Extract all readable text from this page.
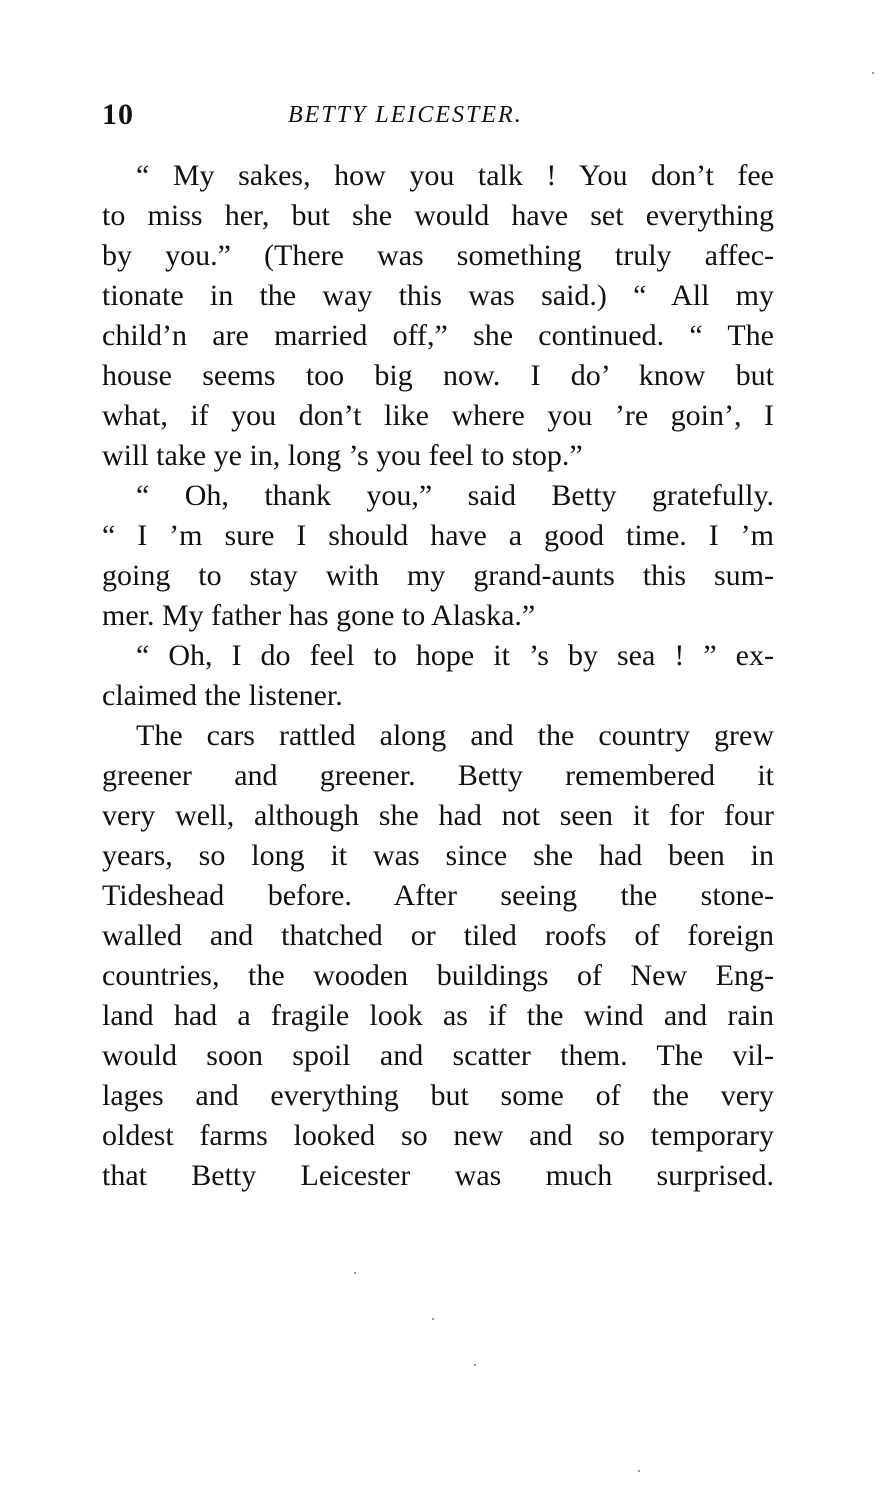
10	BETTY LEICESTER.
“ My sakes, how you talk ! You don’t fee
to miss her, but she would have set everything
by you.” (There was something truly affec-
tionate in the way this was said.) “ All my
child’n are married off,” she continued. “ The
house seems too big now. I do’ know but
what, if you don’t like where you ’re goin’, I
will take ye in, long ’s you feel to stop.”
“ Oh, thank you,” said Betty gratefully.
“ I ’m sure I should have a good time. I ’m
going to stay with my grand-aunts this sum-
mer. My father has gone to Alaska.”
“ Oh, I do feel to hope it ’s by sea ! ” ex-
claimed the listener.
The cars rattled along and the country grew
greener and greener. Betty remembered it
very well, although she had not seen it for four
years, so long it was since she had been in
Tideshead before. After seeing the stone-
walled and thatched or tiled roofs of foreign
countries, the wooden buildings of New Eng-
land had a fragile look as if the wind and rain
would soon spoil and scatter them. The vil-
lages and everything but some of the very
oldest farms looked so new and so temporary
that Betty Leicester was much surprised.
